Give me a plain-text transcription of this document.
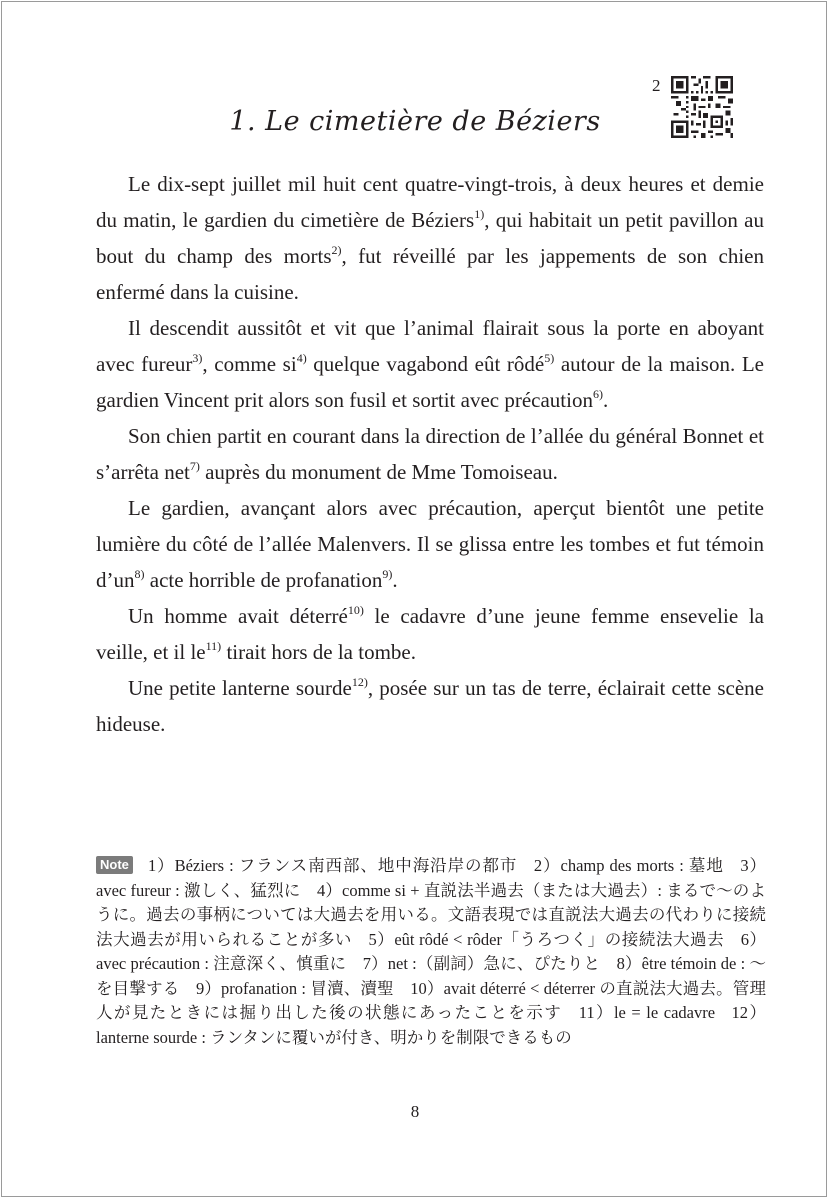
2
1. Le cimetière de Béziers

Le dix-sept juillet mil huit cent quatre-vingt-trois, à deux heures et demie du matin, le gardien du cimetière de Béziers$^{1)}$, qui habitait un petit pavillon au bout du champ des morts$^{2)}$, fut réveillé par les jappements de son chien enfermé dans la cuisine.

Il descendit aussitôt et vit que l’animal flairait sous la porte en aboyant avec fureur$^{3)}$, comme $si^{4)}$ quelque vagabond eût rôdé$^{5)}$ autour de la maison. Le gardien Vincent prit alors son fusil et sortit avec précaution$^{6)}$.

Son chien partit en courant dans la direction de l’allée du général Bonnet et s’arrêta net$^{7)}$ auprès du monument de Mme Tomoiseau.

Le gardien, avançant alors avec précaution, aperçut bientôt une petite lumière du côté de l’allée Malenvers. Il se glissa entre les tombes et fut témoin $d’un^{8)}$ acte horrible de profanation$^{9)}$.

Un homme avait déterré$^{10)}$ le cadavre d’une jeune femme ensevelie la veille, et il $le^{11)}$ tirait hors de la tombe.

Une petite lanterne sourde$^{12)}$, posée sur un tas de terre, éclairait cette scène hideuse.

Note 1）Béziers : フランス南西部、地中海沿岸の都市  2）champ des morts : 墓地  3）avec fureur : 激しく、猛烈に  4）comme si + 直説法半過去（または大過去）: まるで〜のように。過去の事柄については大過去を用いる。文語表現では直説法大過去の代わりに接続法大過去が用いられることが多い  5）eût rôdé < rôder「うろつく」の接続法大過去  6）avec précaution : 注意深く、慎重に  7）net :（副詞）急に、ぴたりと  8）être témoin de : 〜を目撃する  9）profanation : 冒瀆、瀆聖  10）avait déterré < déterrer の直説法大過去。管理人が見たときには掘り出した後の状態にあったことを示す  11）le = le cadavre  12）lanterne sourde : ランタンに覆いが付き、明かりを制限できるもの
8
